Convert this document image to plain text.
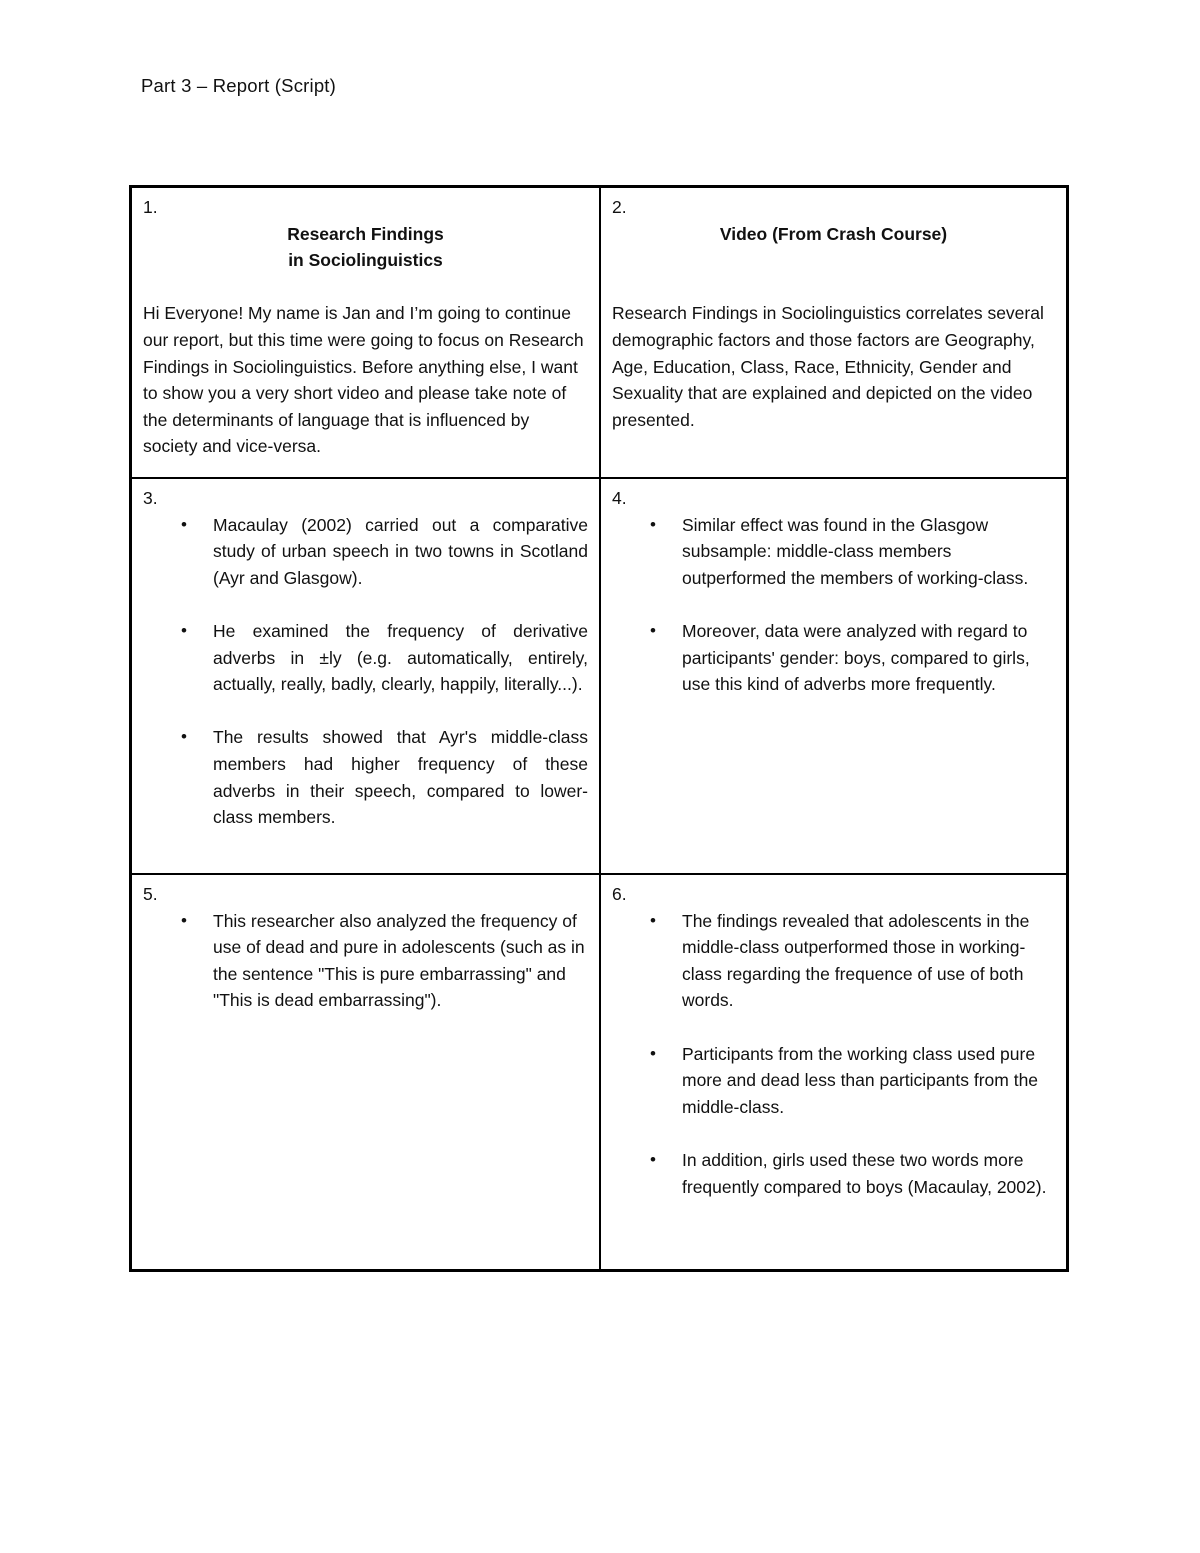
Part 3 – Report (Script)

1.

Research Findings

in Sociolinguistics

Hi Everyone! My name is Jan and I’m going to continue our report, but this time were going to focus on Research Findings in Sociolinguistics. Before anything else, I want to show you a very short video and please take note of the determinants of language that is influenced by society and vice-versa.

2.

Video (From Crash Course)

Research Findings in Sociolinguistics correlates several demographic factors and those factors are Geography, Age, Education, Class, Race, Ethnicity, Gender and Sexuality that are explained and depicted on the video presented.

3.

• Macaulay (2002) carried out a comparative study of urban speech in two towns in Scotland (Ayr and Glasgow).
• He examined the frequency of derivative adverbs in ±ly (e.g. automatically, entirely, actually, really, badly, clearly, happily, literally...).
• The results showed that Ayr's middle-class members had higher frequency of these adverbs in their speech, compared to lower-class members.

4.

• Similar effect was found in the Glasgow subsample: middle-class members outperformed the members of working-class.
• Moreover, data were analyzed with regard to participants' gender: boys, compared to girls, use this kind of adverbs more frequently.

5.

• This researcher also analyzed the frequency of use of dead and pure in adolescents (such as in the sentence "This is pure embarrassing" and "This is dead embarrassing").

6.

• The findings revealed that adolescents in the middle-class outperformed those in working-class regarding the frequence of use of both words.
• Participants from the working class used pure more and dead less than participants from the middle-class.
• In addition, girls used these two words more frequently compared to boys (Macaulay, 2002).
